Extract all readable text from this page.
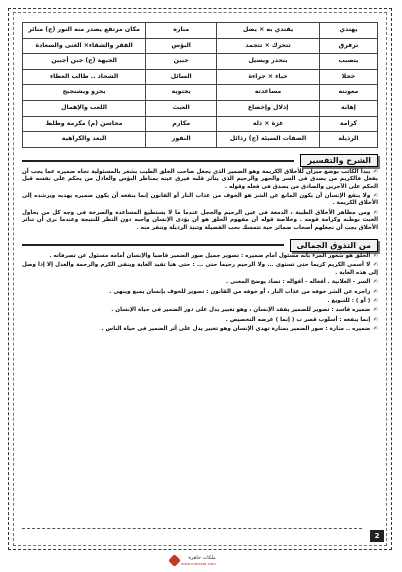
يهتدي	يقتدي به × يضل	مناره	مكان مرتفع يصدر منه النور (ج) منائر
ترفرق	تتحرك × تتجمد	البؤس	الفقر والشقاء× الغنى والسعادة
يتصبب	ينحدر ويسيل	جبين	الجبهة (ج) جبن أجبين
خجلا	حياء × جراءة	السائل	الشحاذ .. طالب العطاء
معونته	مساعدته	يجتويه	يجرو ويشتجيج
إهانة	إذلال وإخضاع	العبث	اللعب والإهمال
كرامة	عزة × ذلة	مكارم	محاسن (م) مكرمة وطلط
الرذيلة	الصفات السيئة (ج) رذائل	النفور	البعد والكراهية
الشرح والتفسير

✍يبدأ الكاتب بوضع ميزان للأخلاق الكريمة وهو الضمير الذى يجعل صاحب الخلق الطيب يشعر بالمسئولية تجاه ضميره عما يجب أن يفعل فالكريم من يصدق فى السر والجهر والرحيم الذى يتأثر قلبه فيرق عينه بمناظر البؤس والعادل من يحكم على نفسه قبل الحكم على الآخرين والصادق من يصدق فى فعله وقوله .

✍ولا ينفع الإنسان أن يكون المانع عن الشر هو الخوف من عذاب النار أو القانون إنما ينفعه أن يكون ضميره يهديه ويرشده إلى الأخلاق الكريمة .

✍ومن مظاهر الأخلاق الطيبة ، الدمعة فى عين الرحيم والخجل عندما ما لا يستطيع المساعدة والصرخة فى وجه كل من يحاول العبث بوطنه وكرامة قومه . وخلاصة قوله أن مفهوم الخلق هو أن يؤدى الإنسان واجبه دون النظر للنتيجة وعندما نرى أن تناثر الأخلاق يجب أن نجعلهم أصحاب ضمائر حية تتمسك بحب الفضيلة وتنبذ الرذيلة وتنفر منه .

من التذوق الجمالى

✍الخلق هو شعور المرء بأنه مسئول أمام ضميره : تصوير جميل صور الضمير قاضيا والإنسان أمامه مسئول عن تصرفاته .

✍لا أسمى الكريم كريما حتى تستوى ... ولا الرحيم رحيما حتى ... : حتى هنا تفيد الغاية وينفى الكرم والرحمة والعدل إلا إذا وصل إلى هذه الغاية .

✍السر - العلانية . أفعاله - أقواله : تضاد يوضح المعنى .

✍زاجره عن الشر خوفه من عذاب النار ، أو خوفه من القانون : تصوير للخوف بإنسان يمنع وينهى .

✍( أو ) : للتنويع .

✍ضميره فاسد : تصوير للضمير يفقد الإنسان ، وهو تعبير يدل على دور الضمير فى حياة الإنسان .

✍إنما ينفعه : أسلوب قصر ب ( إنما ) غرضه التخصيص .

✍ضميره .. منارة : صور الضمير بمنارة تهدى الإنسان وهو تعبير يدل على أثر الضمير فى حياة الناس .

2
ملكات جاهزة
www.malakat.com
